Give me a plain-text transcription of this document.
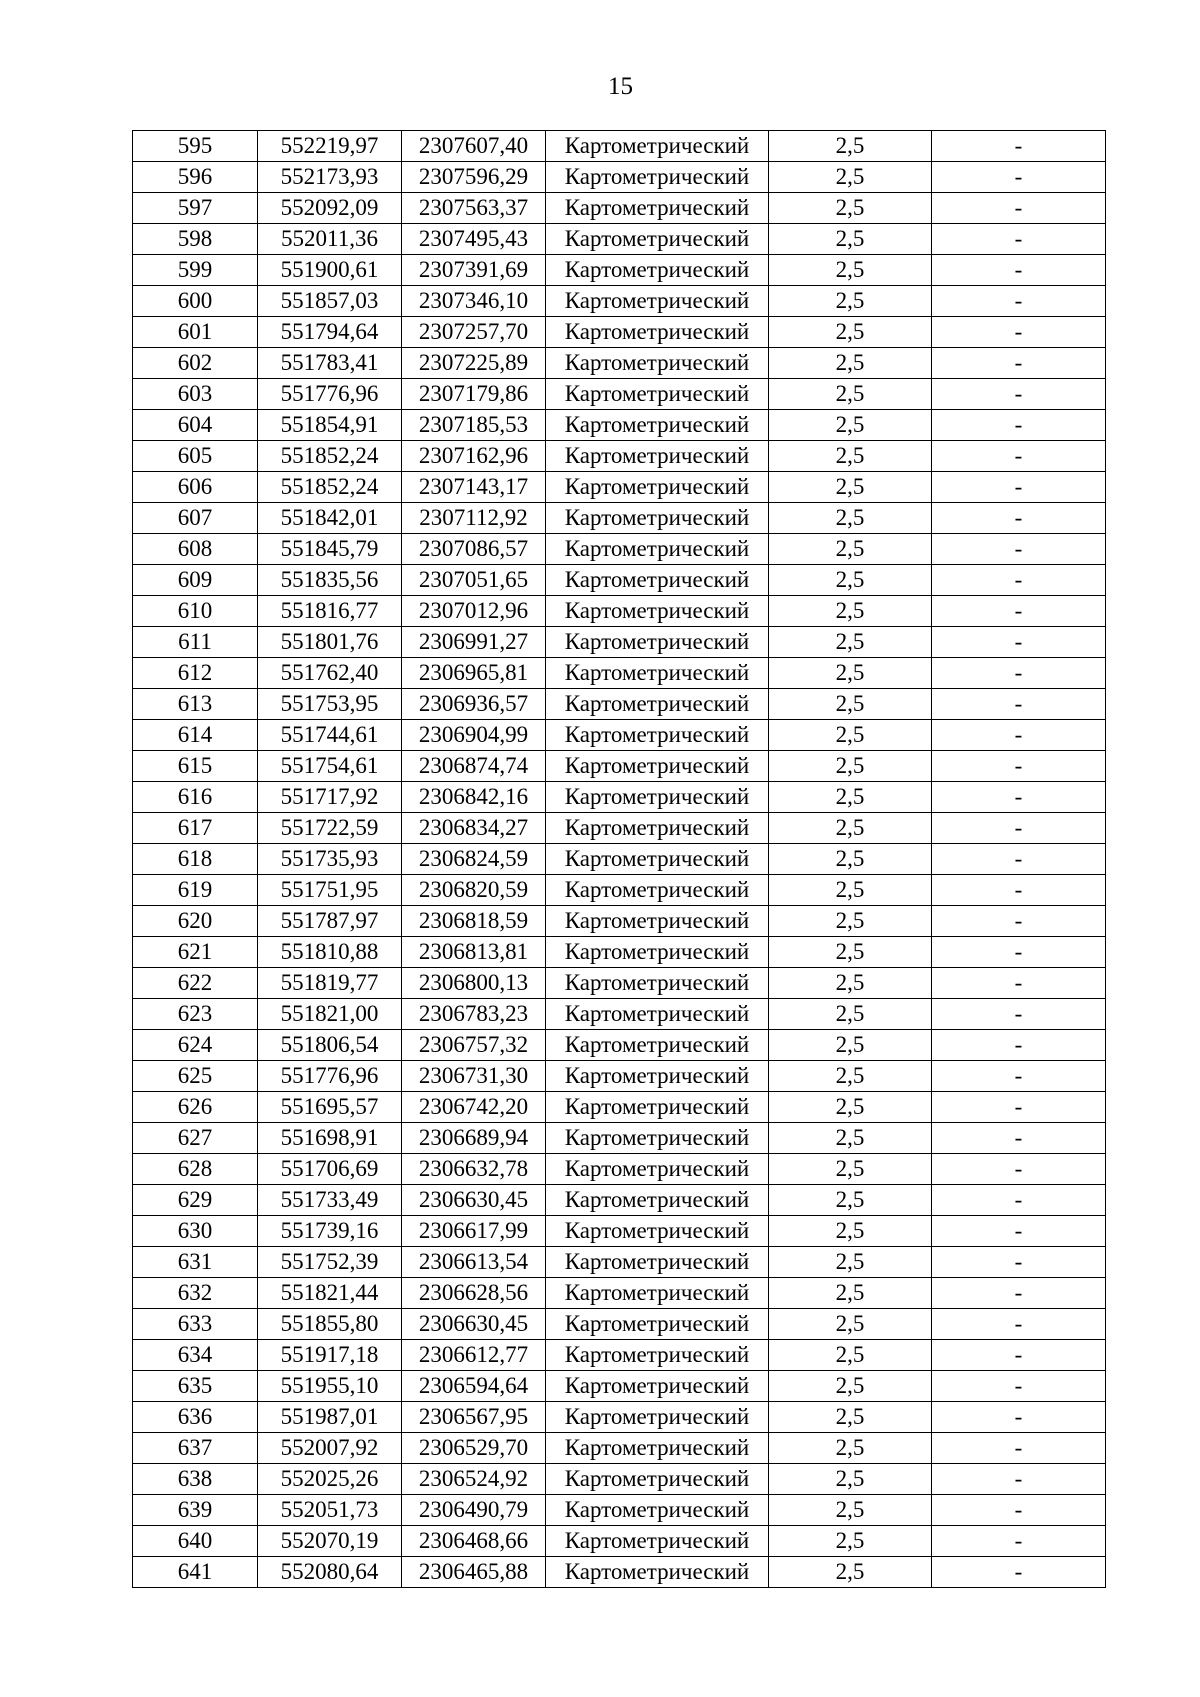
15
595	552219,97	2307607,40	Картометрический	2,5	-
596	552173,93	2307596,29	Картометрический	2,5	-
597	552092,09	2307563,37	Картометрический	2,5	-
598	552011,36	2307495,43	Картометрический	2,5	-
599	551900,61	2307391,69	Картометрический	2,5	-
600	551857,03	2307346,10	Картометрический	2,5	-
601	551794,64	2307257,70	Картометрический	2,5	-
602	551783,41	2307225,89	Картометрический	2,5	-
603	551776,96	2307179,86	Картометрический	2,5	-
604	551854,91	2307185,53	Картометрический	2,5	-
605	551852,24	2307162,96	Картометрический	2,5	-
606	551852,24	2307143,17	Картометрический	2,5	-
607	551842,01	2307112,92	Картометрический	2,5	-
608	551845,79	2307086,57	Картометрический	2,5	-
609	551835,56	2307051,65	Картометрический	2,5	-
610	551816,77	2307012,96	Картометрический	2,5	-
611	551801,76	2306991,27	Картометрический	2,5	-
612	551762,40	2306965,81	Картометрический	2,5	-
613	551753,95	2306936,57	Картометрический	2,5	-
614	551744,61	2306904,99	Картометрический	2,5	-
615	551754,61	2306874,74	Картометрический	2,5	-
616	551717,92	2306842,16	Картометрический	2,5	-
617	551722,59	2306834,27	Картометрический	2,5	-
618	551735,93	2306824,59	Картометрический	2,5	-
619	551751,95	2306820,59	Картометрический	2,5	-
620	551787,97	2306818,59	Картометрический	2,5	-
621	551810,88	2306813,81	Картометрический	2,5	-
622	551819,77	2306800,13	Картометрический	2,5	-
623	551821,00	2306783,23	Картометрический	2,5	-
624	551806,54	2306757,32	Картометрический	2,5	-
625	551776,96	2306731,30	Картометрический	2,5	-
626	551695,57	2306742,20	Картометрический	2,5	-
627	551698,91	2306689,94	Картометрический	2,5	-
628	551706,69	2306632,78	Картометрический	2,5	-
629	551733,49	2306630,45	Картометрический	2,5	-
630	551739,16	2306617,99	Картометрический	2,5	-
631	551752,39	2306613,54	Картометрический	2,5	-
632	551821,44	2306628,56	Картометрический	2,5	-
633	551855,80	2306630,45	Картометрический	2,5	-
634	551917,18	2306612,77	Картометрический	2,5	-
635	551955,10	2306594,64	Картометрический	2,5	-
636	551987,01	2306567,95	Картометрический	2,5	-
637	552007,92	2306529,70	Картометрический	2,5	-
638	552025,26	2306524,92	Картометрический	2,5	-
639	552051,73	2306490,79	Картометрический	2,5	-
640	552070,19	2306468,66	Картометрический	2,5	-
641	552080,64	2306465,88	Картометрический	2,5	-
